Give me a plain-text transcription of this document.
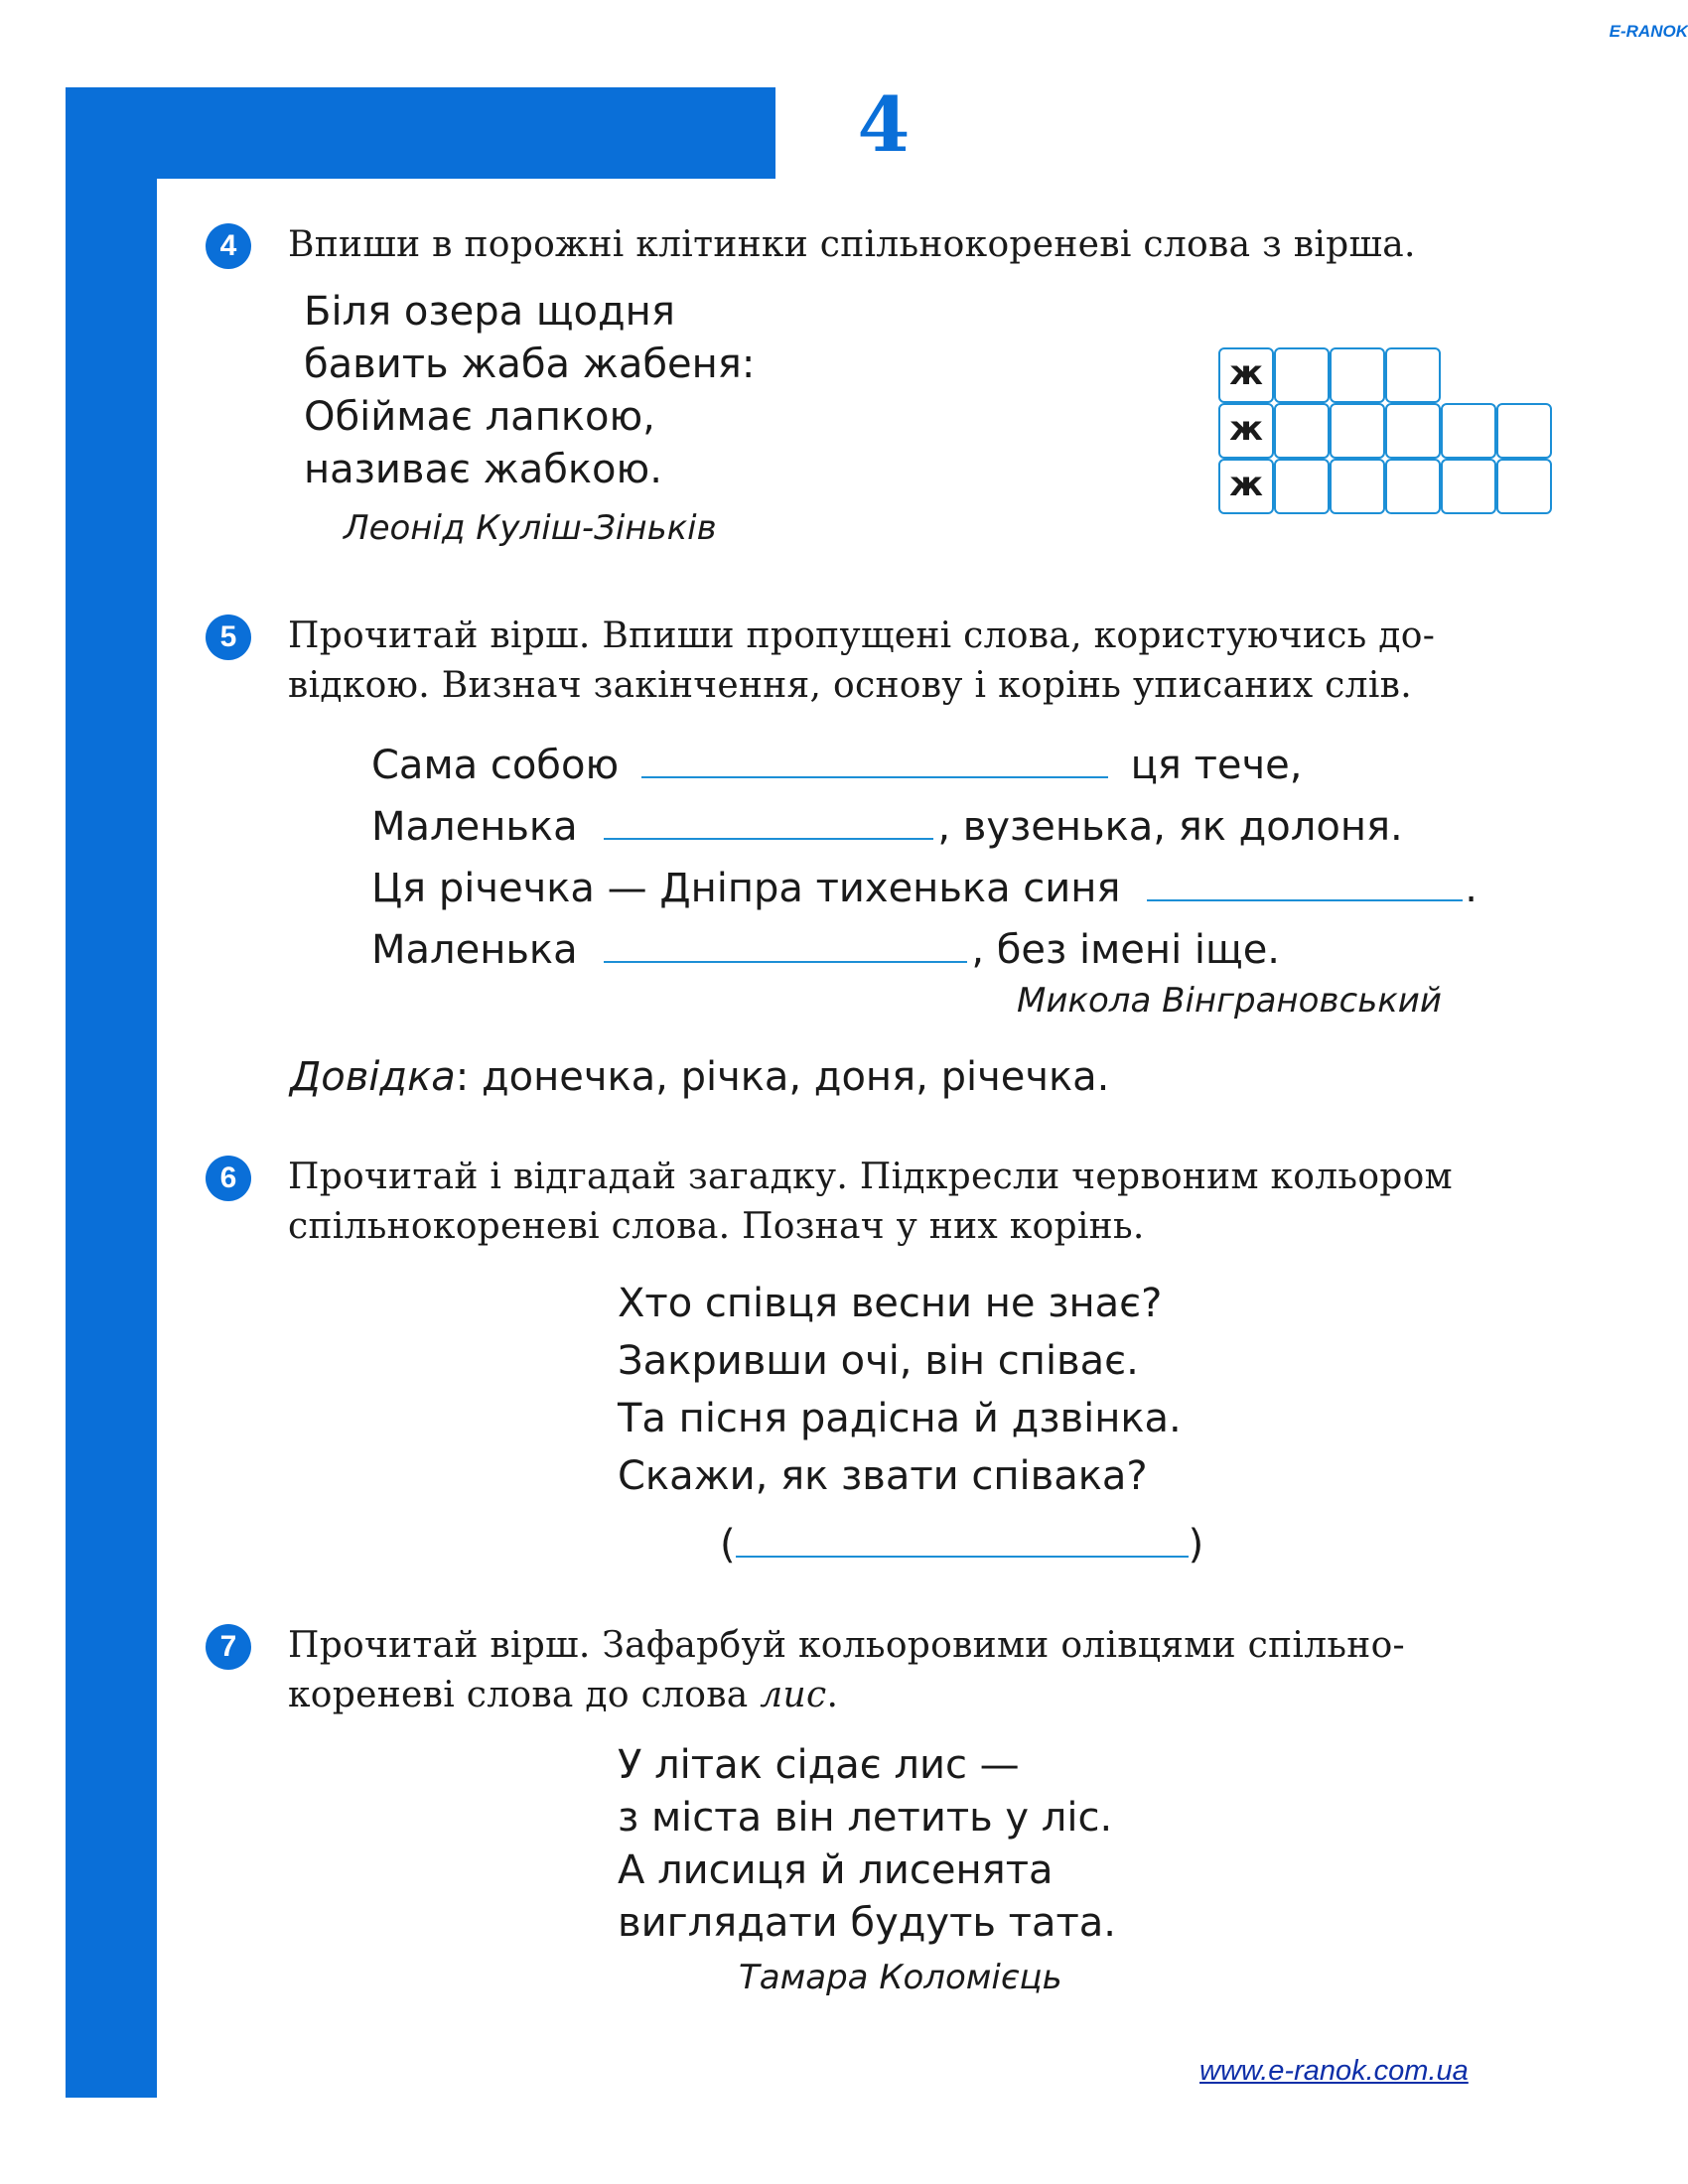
E-RANOK
4
4	Впиши в порожні клітинки спільнокореневі слова з вірша.
Біля озера щодня
бавить жаба жабеня:
Обіймає лапкою,
називає жабкою.
Леонід Куліш-Зіньків
ж
ж
ж
5	Прочитай вірш. Впиши пропущені слова, користуючись до-
відкою. Визнач закінчення, основу і корінь уписаних слів.
Сама собою	ця тече,
Маленька	, вузенька, як долоня.
Ця річечка — Дніпра тихенька синя	.
Маленька	, без імені іще.
Микола Вінграновський
Довідка: донечка, річка, доня, річечка.
6	Прочитай і відгадай загадку. Підкресли червоним кольором
спільнокореневі слова. Познач у них корінь.
Хто співця весни не знає?
Закривши очі, він співає.
Та пісня радісна й дзвінка.
Скажи, як звати співака?
(	)
7	Прочитай вірш. Зафарбуй кольоровими олівцями спільно-
кореневі слова до слова лис.
У літак сідає лис —
з міста він летить у ліс.
А лисиця й лисенята
виглядати будуть тата.
Тамара Коломієць
www.e-ranok.com.ua
